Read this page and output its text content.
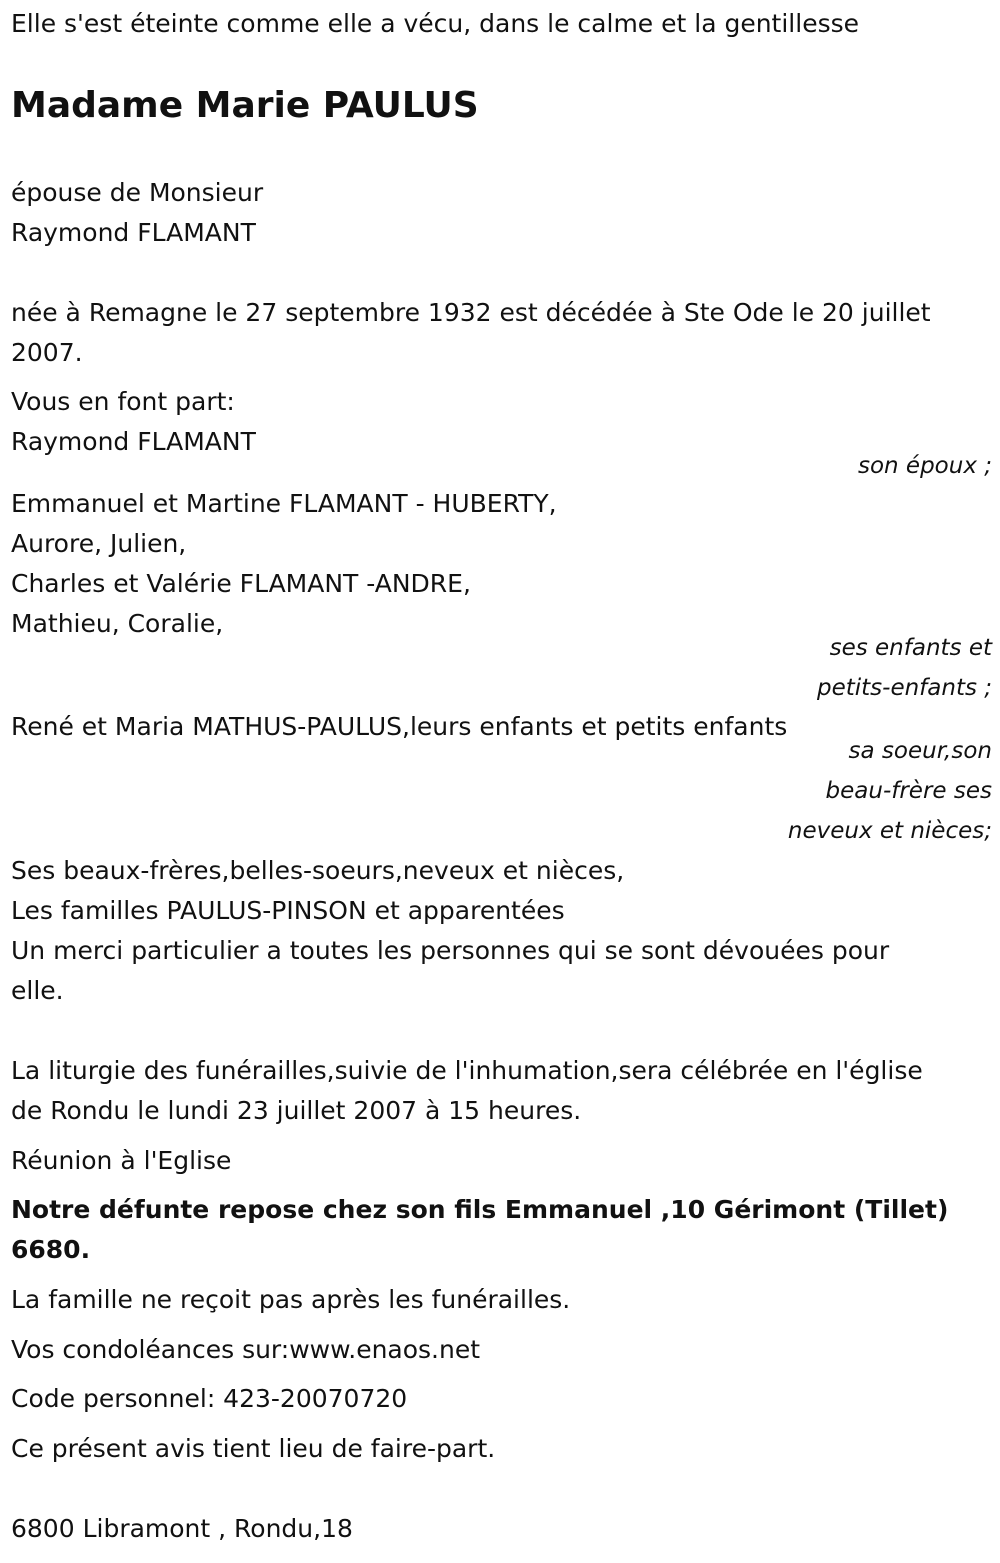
Elle s'est éteinte comme elle a vécu, dans le calme et la gentillesse
Madame Marie PAULUS
épouse de Monsieur
Raymond FLAMANT
née à Remagne le 27 septembre 1932 est décédée à Ste Ode le 20 juillet
2007.
Vous en font part:
Raymond FLAMANT
son époux ;
Emmanuel et Martine FLAMANT - HUBERTY,
Aurore, Julien,
Charles et Valérie FLAMANT -ANDRE,
Mathieu, Coralie,
ses enfants et
petits-enfants ;
René et Maria MATHUS-PAULUS,leurs enfants et petits enfants
sa soeur,son
beau-frère ses
neveux et nièces;
Ses beaux-frères,belles-soeurs,neveux et nièces,
Les familles PAULUS-PINSON et apparentées
Un merci particulier a toutes les personnes qui se sont dévouées pour
elle.
La liturgie des funérailles,suivie de l'inhumation,sera célébrée en l'église
de Rondu le lundi 23 juillet 2007 à 15 heures.
Réunion à l'Eglise
Notre défunte repose chez son fils Emmanuel ,10 Gérimont (Tillet)
6680.
La famille ne reçoit pas après les funérailles.
Vos condoléances sur:www.enaos.net
Code personnel: 423-20070720
Ce présent avis tient lieu de faire-part.
6800 Libramont , Rondu,18
